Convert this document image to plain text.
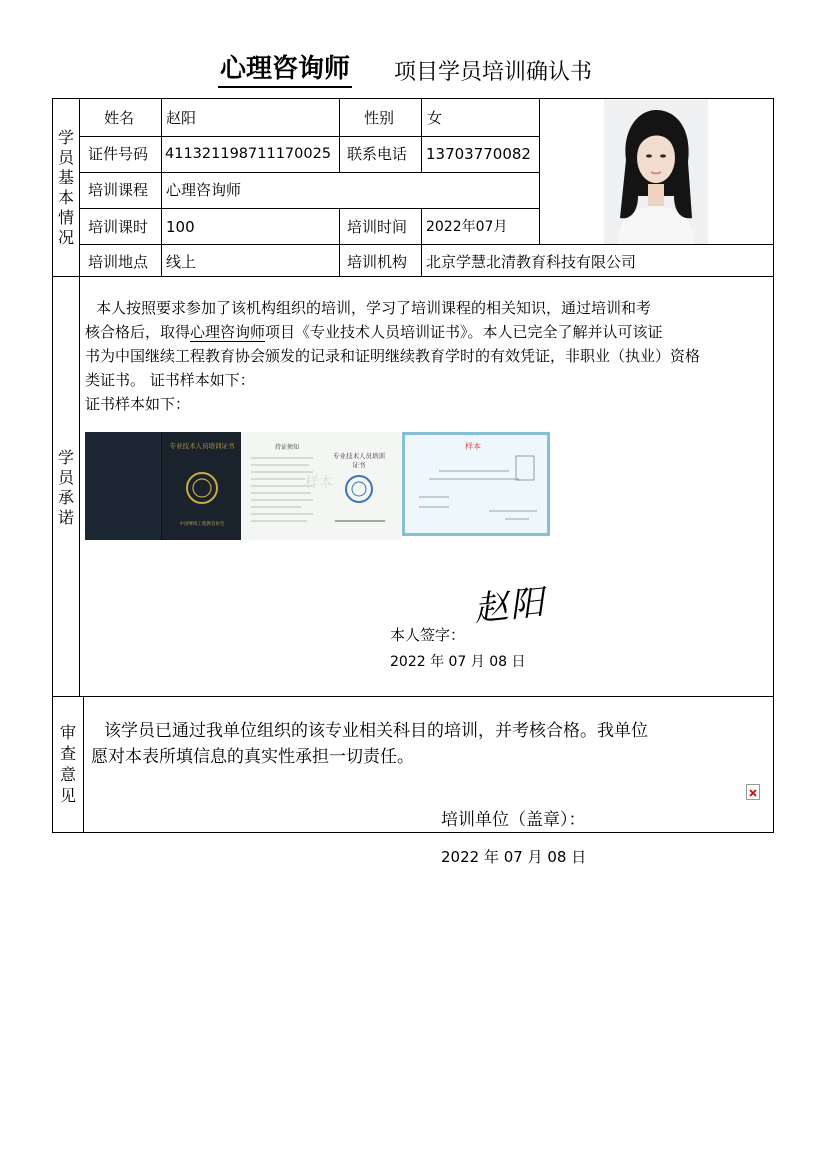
心理咨询师 项目学员培训确认书
学
员
基
本
情
况
学
员
承
诺
审
查
意
见
姓名 赵阳	性别 女
证件号码 411321198711170025 联系电话 13703770082
培训课程 心理咨询师
培训课时 100	培训时间 2022年07月
培训地点 线上	培训机构 北京学慧北清教育科技有限公司
本人按照要求参加了该机构组织的培训，学习了培训课程的相关知识，通过培训和考
核合格后，取得心理咨询师项目《专业技术人员培训证书》。本人已完全了解并认可该证
书为中国继续工程教育协会颁发的记录和证明继续教育学时的有效凭证，非职业（执业）资格
类证书。 证书样本如下：
证书样本如下：
专业技术人员培训证书
中国继续工程教育协会
持证须知
样本
专业技术人员培训证书
样本
本人签字：
赵阳
2022 年 07 月 08 日
该学员已通过我单位组织的该专业相关科目的培训，并考核合格。我单位
愿对本表所填信息的真实性承担一切责任。
培训单位（盖章）：
2022 年 07 月 08 日
